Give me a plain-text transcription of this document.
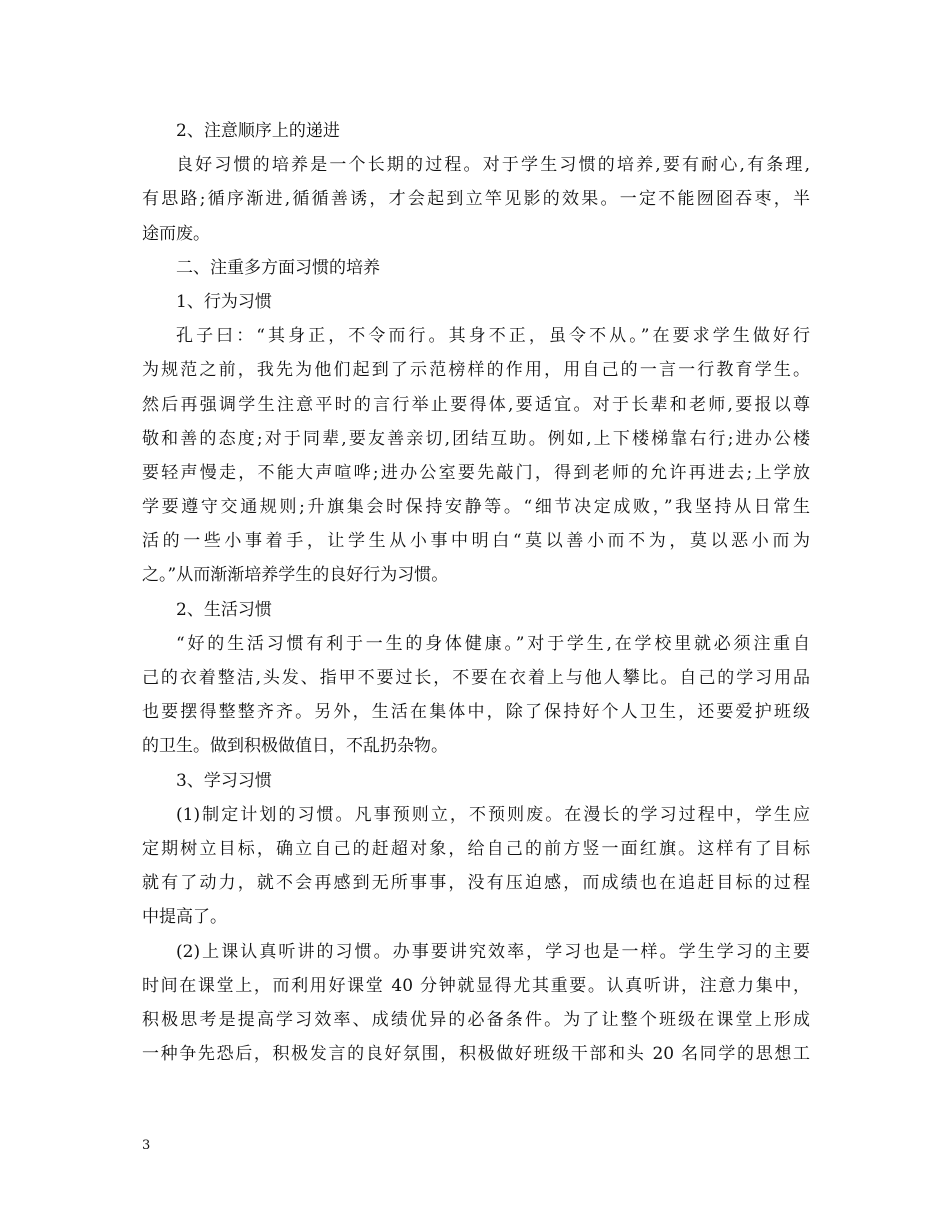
2、注意顺序上的递进
良好习惯的培养是一个长期的过程。对于学生习惯的培养,要有耐心,有条理,
有思路;循序渐进,循循善诱，才会起到立竿见影的效果。一定不能囫囵吞枣，半
途而废。
二、注重多方面习惯的培养
1、行为习惯
孔子曰：“其身正，不令而行。其身不正，虽令不从。”在要求学生做好行
为规范之前，我先为他们起到了示范榜样的作用，用自己的一言一行教育学生。
然后再强调学生注意平时的言行举止要得体,要适宜。对于长辈和老师,要报以尊
敬和善的态度;对于同辈,要友善亲切,团结互助。例如,上下楼梯靠右行;进办公楼
要轻声慢走，不能大声喧哗;进办公室要先敲门，得到老师的允许再进去;上学放
学要遵守交通规则;升旗集会时保持安静等。“细节决定成败，”我坚持从日常生
活的一些小事着手，让学生从小事中明白“莫以善小而不为，莫以恶小而为
之。”从而渐渐培养学生的良好行为习惯。
2、生活习惯
“好的生活习惯有利于一生的身体健康。”对于学生,在学校里就必须注重自
己的衣着整洁,头发、指甲不要过长，不要在衣着上与他人攀比。自己的学习用品
也要摆得整整齐齐。另外，生活在集体中，除了保持好个人卫生，还要爱护班级
的卫生。做到积极做值日，不乱扔杂物。
3、学习习惯
(1)制定计划的习惯。凡事预则立，不预则废。在漫长的学习过程中，学生应
定期树立目标，确立自己的赶超对象，给自己的前方竖一面红旗。这样有了目标
就有了动力，就不会再感到无所事事，没有压迫感，而成绩也在追赶目标的过程
中提高了。
(2)上课认真听讲的习惯。办事要讲究效率，学习也是一样。学生学习的主要
时间在课堂上，而利用好课堂 40 分钟就显得尤其重要。认真听讲，注意力集中，
积极思考是提高学习效率、成绩优异的必备条件。为了让整个班级在课堂上形成
一种争先恐后，积极发言的良好氛围，积极做好班级干部和头 20 名同学的思想工
3
